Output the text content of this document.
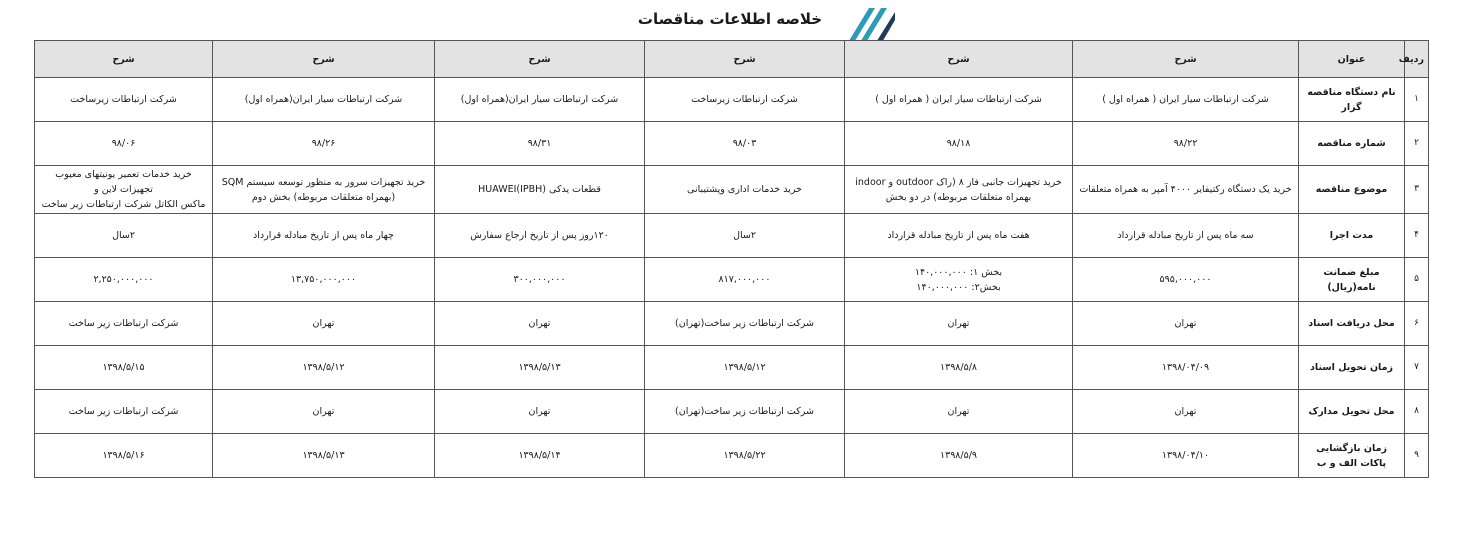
خلاصه اطلاعات مناقصات
ردیف	عنوان	شرح	شرح	شرح	شرح	شرح	شرح
۱	نام دستگاه مناقصه گزار	شرکت ارتباطات سیار ایران ( همراه اول )	شرکت ارتباطات سیار ایران ( همراه اول )	شرکت ارتباطات زیرساخت	شرکت ارتباطات سیار ایران(همراه اول)	شرکت ارتباطات سیار ایران(همراه اول)	شرکت ارتباطات زیرساخت

۲	شماره مناقصه	۹۸/۲۲	۹۸/۱۸	۹۸/۰۳	۹۸/۳۱	۹۸/۲۶	۹۸/۰۶

۳	موضوع مناقصه	خرید یک دستگاه رکتیفایر ۴۰۰۰ آمپر به همراه متعلقات	خرید تجهیزات جانبی فاز ۸ (راک outdoor و indoor
بهمراه متعلقات مربوطه) در دو بخش	خرید خدمات اداری وپشتیبانی	قطعات یدکی (HUAWEI(IPBH	خرید تجهیزات سرور به منظور توسعه سیستم SQM
(بهمراه متعلقات مربوطه) بخش دوم	خرید خدمات تعمیر یونیتهای معیوب تجهیزات لاین و
ماکس الکاتل شرکت ارتباطات زیر ساخت

۴	مدت اجرا	سه ماه پس از تاریخ مبادله قرارداد	هفت ماه پس از تاریخ مبادله قرارداد	۲سال	۱۲۰روز پس از تاریخ ارجاع سفارش	چهار ماه پس از تاریخ مبادله قرارداد	۲سال

۵	مبلغ ضمانت نامه(ریال)	۵۹۵,۰۰۰,۰۰۰	بخش ۱: ۱۴۰,۰۰۰,۰۰۰
بخش۲: ۱۴۰,۰۰۰,۰۰۰	۸۱۷,۰۰۰,۰۰۰	۳۰۰,۰۰۰,۰۰۰	۱۳,۷۵۰,۰۰۰,۰۰۰	۲,۲۵۰,۰۰۰,۰۰۰

۶	محل دریافت اسناد	تهران	تهران	شرکت ارتباطات زیر ساخت(تهران)	تهران	تهران	شرکت ارتباطات زیر ساخت

۷	زمان تحویل اسناد	۱۳۹۸/۰۴/۰۹	۱۳۹۸/۵/۸	۱۳۹۸/۵/۱۲	۱۳۹۸/۵/۱۳	۱۳۹۸/۵/۱۲	۱۳۹۸/۵/۱۵

۸	محل تحویل مدارک	تهران	تهران	شرکت ارتباطات زیر ساخت(تهران)	تهران	تهران	شرکت ارتباطات زیر ساخت

۹	زمان بازگشایی پاکات الف و ب	۱۳۹۸/۰۴/۱۰	۱۳۹۸/۵/۹	۱۳۹۸/۵/۲۲	۱۳۹۸/۵/۱۴	۱۳۹۸/۵/۱۳	۱۳۹۸/۵/۱۶
